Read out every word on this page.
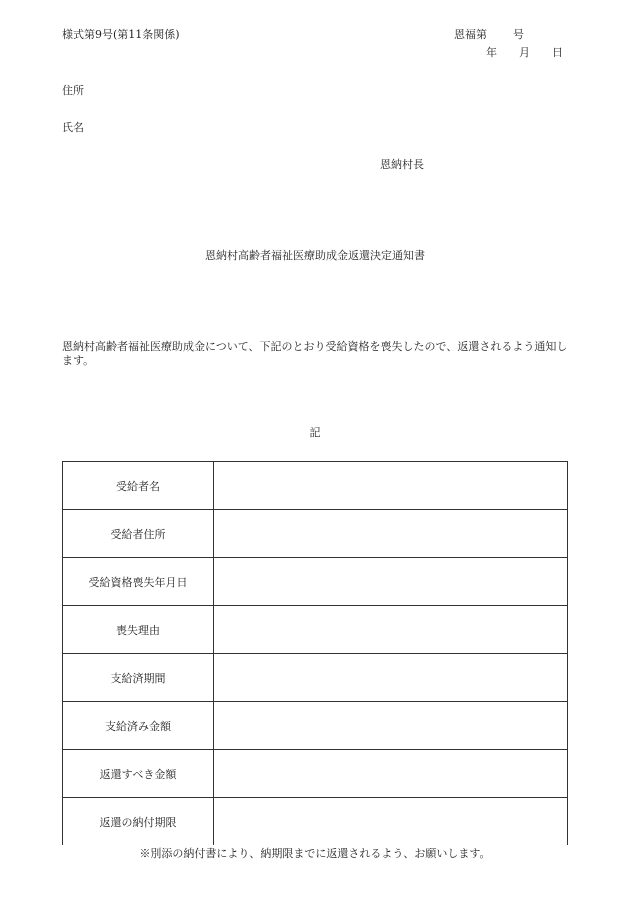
様式第9号(第11条関係)	恩福第 号
年 月 日
住所
氏名
恩納村長
恩納村高齢者福祉医療助成金返還決定通知書
恩納村高齢者福祉医療助成金について、下記のとおり受給資格を喪失したので、返還されるよう通知します。
記
受給者名	
受給者住所	
受給資格喪失年月日	
喪失理由	
支給済期間	
支給済み金額	
返還すべき金額	
返還の納付期限	
※別添の納付書により、納期限までに返還されるよう、お願いします。
